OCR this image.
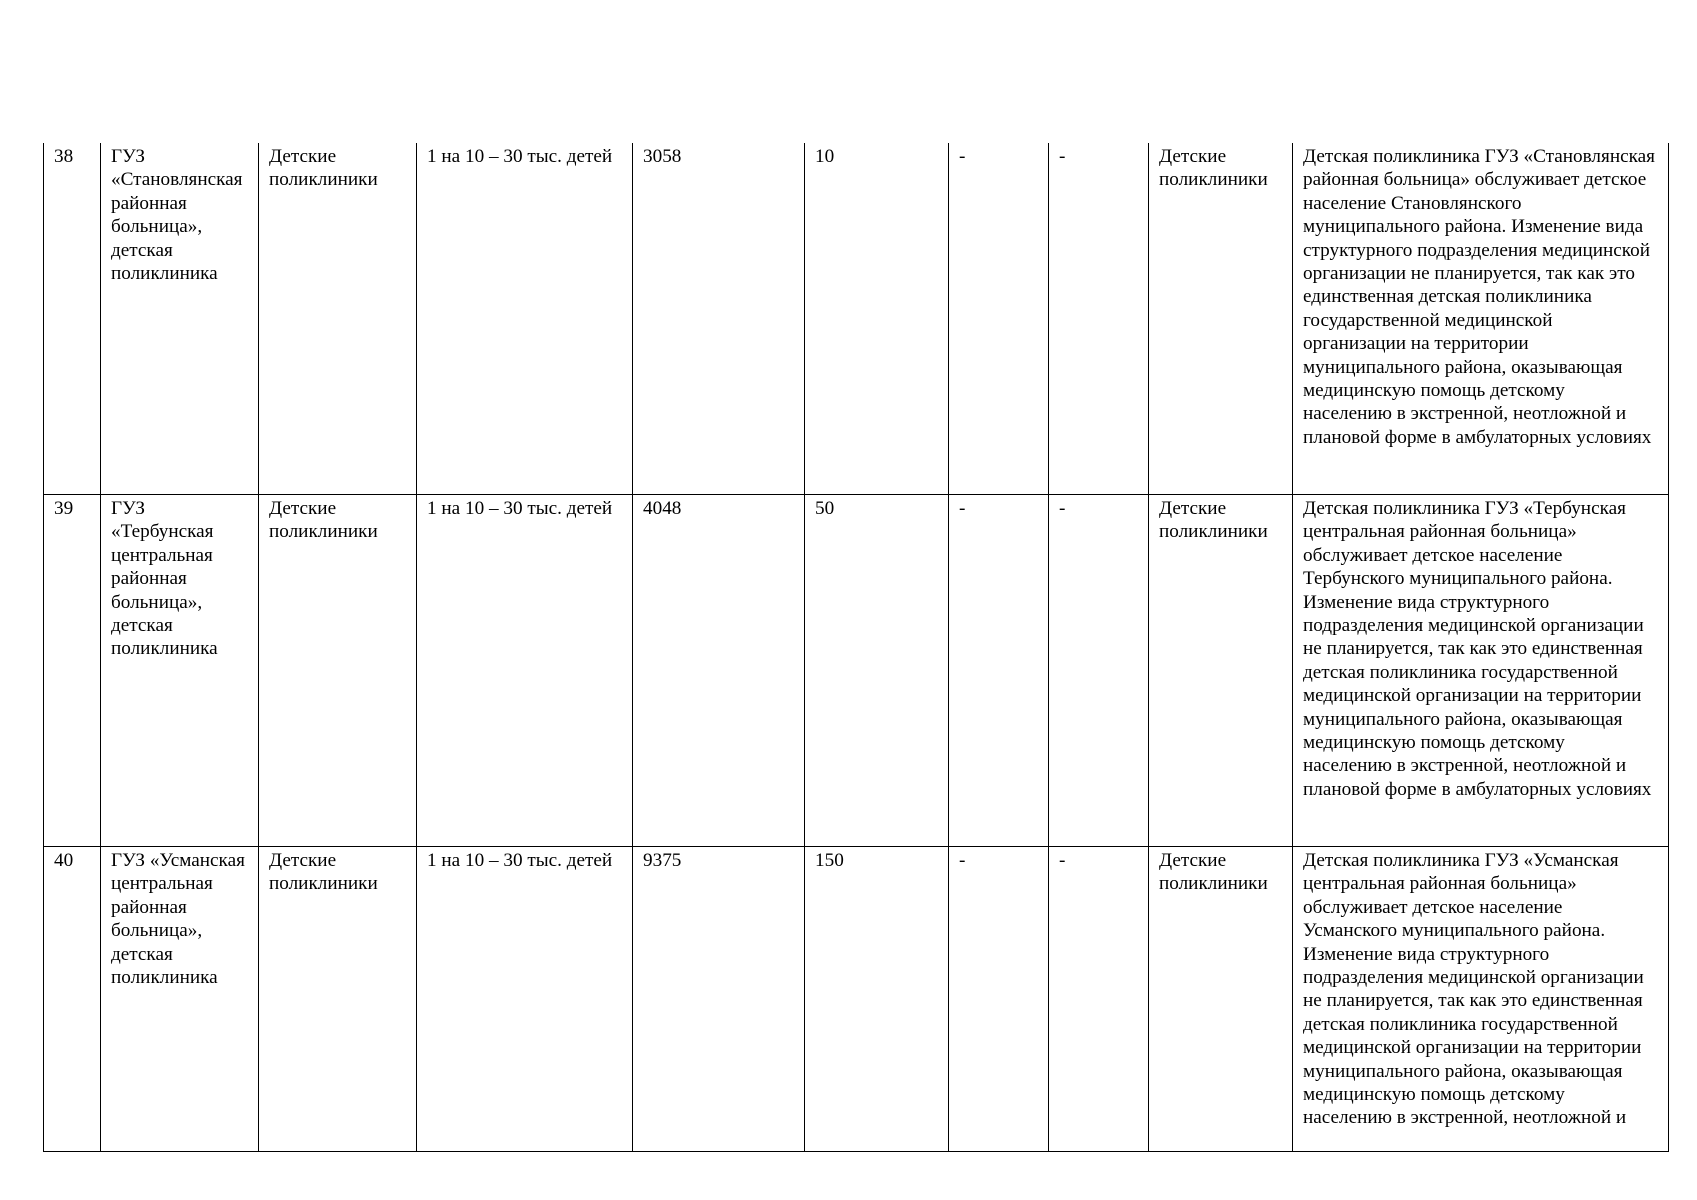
38	ГУЗ «Становлянская районная больница», детская поликлиника	Детские поликлиники	1 на 10 – 30 тыс. детей	3058	10	-	-	Детские поликлиники	Детская поликлиника ГУЗ «Становлянская районная больница» обслуживает детское население Становлянского муниципального района. Изменение вида структурного подразделения медицинской организации не планируется, так как это единственная детская поликлиника государственной медицинской организации на территории муниципального района, оказывающая медицинскую помощь детскому населению в экстренной, неотложной и плановой форме в амбулаторных условиях

39	ГУЗ «Тербунская центральная районная больница», детская поликлиника	Детские поликлиники	1 на 10 – 30 тыс. детей	4048	50	-	-	Детские поликлиники	Детская поликлиника ГУЗ «Тербунская центральная районная больница» обслуживает детское население Тербунского муниципального района. Изменение вида структурного подразделения медицинской организации не планируется, так как это единственная детская поликлиника государственной медицинской организации на территории муниципального района, оказывающая медицинскую помощь детскому населению в экстренной, неотложной и плановой форме в амбулаторных условиях

40	ГУЗ «Усманская центральная районная больница», детская поликлиника	Детские поликлиники	1 на 10 – 30 тыс. детей	9375	150	-	-	Детские поликлиники	Детская поликлиника ГУЗ «Усманская центральная районная больница» обслуживает детское население Усманского муниципального района. Изменение вида структурного подразделения медицинской организации не планируется, так как это единственная детская поликлиника государственной медицинской организации на территории муниципального района, оказывающая медицинскую помощь детскому населению в экстренной, неотложной и
